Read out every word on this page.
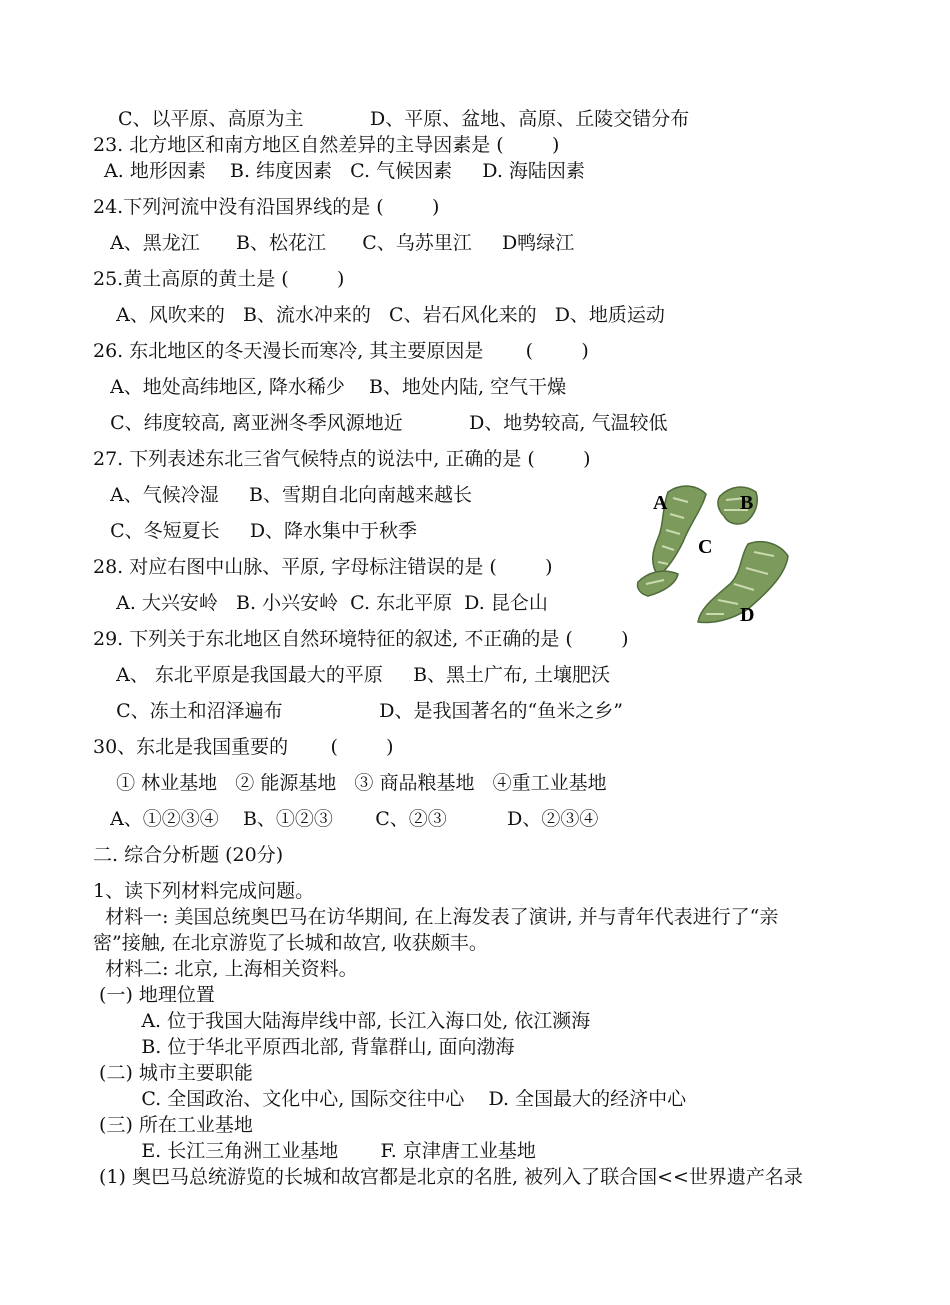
C、以平原、高原为主           D、平原、盆地、高原、丘陵交错分布
23. 北方地区和南方地区自然差异的主导因素是 (        )
A. 地形因素    B. 纬度因素   C. 气候因素     D. 海陆因素
24.下列河流中没有沿国界线的是 (        )
A、黑龙江      B、松花江      C、乌苏里江     D鸭绿江
25.黄土高原的黄土是 (        )
A、风吹来的   B、流水冲来的   C、岩石风化来的   D、地质运动
26. 东北地区的冬天漫长而寒冷, 其主要原因是       (        )
A、地处高纬地区, 降水稀少    B、地处内陆, 空气干燥
C、纬度较高, 离亚洲冬季风源地近           D、地势较高, 气温较低
27. 下列表述东北三省气候特点的说法中, 正确的是 (        )
A、气候冷湿     B、雪期自北向南越来越长
C、冬短夏长     D、降水集中于秋季
28. 对应右图中山脉、平原, 字母标注错误的是 (        )
A. 大兴安岭   B. 小兴安岭  C. 东北平原  D. 昆仑山
29. 下列关于东北地区自然环境特征的叙述, 不正确的是 (        )
A、 东北平原是我国最大的平原     B、黑土广布, 土壤肥沃
C、冻土和沼泽遍布                D、是我国著名的“鱼米之乡”
30、东北是我国重要的       (        )
① 林业基地   ② 能源基地   ③ 商品粮基地   ④重工业基地
A、①②③④    B、①②③       C、②③          D、②③④
二. 综合分析题 (20分)
1、读下列材料完成问题。
材料一: 美国总统奥巴马在访华期间, 在上海发表了演讲, 并与青年代表进行了“亲
密”接触, 在北京游览了长城和故宫, 收获颇丰。
材料二: 北京, 上海相关资料。
(一) 地理位置
A. 位于我国大陆海岸线中部, 长江入海口处, 依江濒海
B. 位于华北平原西北部, 背靠群山, 面向渤海
(二) 城市主要职能
C. 全国政治、文化中心, 国际交往中心    D. 全国最大的经济中心
(三) 所在工业基地
E. 长江三角洲工业基地       F. 京津唐工业基地
(1) 奥巴马总统游览的长城和故宫都是北京的名胜, 被列入了联合国<<世界遗产名录
A	B
C
D
